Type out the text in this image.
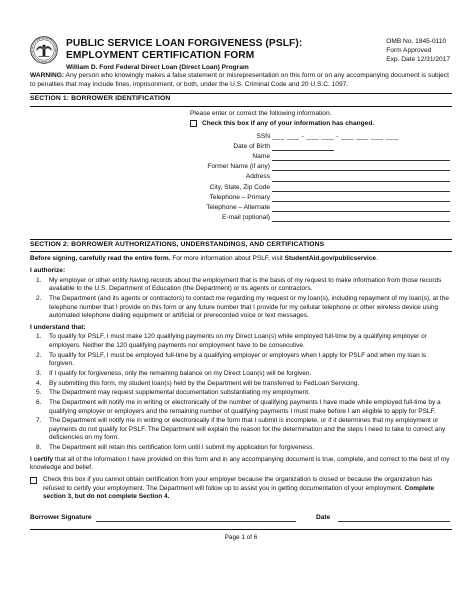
PUBLIC SERVICE LOAN FORGIVENESS (PSLF):
EMPLOYMENT CERTIFICATION FORM
William D. Ford Federal Direct Loan (Direct Loan) Program
OMB No. 1845-0110
Form Approved
Exp. Date 12/31/2017
WARNING: Any person who knowingly makes a false statement or misrepresentation on this form or on any accompanying document is subject to penalties that may include fines, imprisonment, or both, under the U.S. Criminal Code and 20 U.S.C. 1097.
SECTION 1: BORROWER IDENTIFICATION
Please enter or correct the following information.
Check this box if any of your information has changed.
SSN ___ ___ - ___ ___ - ___ ___ ___ ___
Date of Birth
Name
Former Name (if any)
Address
City, State, Zip Code
Telephone – Primary
Telephone – Alternate
E-mail (optional)
SECTION 2: BORROWER AUTHORIZATIONS, UNDERSTANDINGS, AND CERTIFICATIONS
Before signing, carefully read the entire form. For more information about PSLF, visit StudentAid.gov/publicservice.
I authorize:
1. My employer or other entity having records about the employment that is the basis of my request to make information from those records available to the U.S. Department of Education (the Department) or its agents or contractors.
2. The Department (and its agents or contractors) to contact me regarding my request or my loan(s), including repayment of my loan(s), at the telephone number that I provide on this form or any future number that I provide for my cellular telephone or other wireless device using automated telephone dialing equipment or artificial or prerecorded voice or text messages.
I understand that:
1. To qualify for PSLF, I must make 120 qualifying payments on my Direct Loan(s) while employed full-time by a qualifying employer or employers. Neither the 120 qualifying payments nor employment have to be consecutive.
2. To qualify for PSLF, I must be employed full-time by a qualifying employer or employers when I apply for PSLF and when my loan is forgiven.
3. If I qualify for forgiveness, only the remaining balance on my Direct Loan(s) will be forgiven.
4. By submitting this form, my student loan(s) held by the Department will be transferred to FedLoan Servicing.
5. The Department may request supplemental documentation substantiating my employment.
6. The Department will notify me in writing or electronically of the number of qualifying payments I have made while employed full-time by a qualifying employer or employers and the remaining number of qualifying payments I must make before I am eligible to apply for PSLF.
7. The Department will notify me in writing or electronically if the form that I submit is incomplete, or if it determines that my employment or payments do not qualify for PSLF. The Department will explain the reason for the determination and the steps I need to take to correct any deficiencies on my form.
8. The Department will retain this certification form until I submit my application for forgiveness.
I certify that all of the information I have provided on this form and in any accompanying document is true, complete, and correct to the best of my knowledge and belief.
Check this box if you cannot obtain certification from your employer because the organization is closed or because the organization has refused to certify your employment. The Department will follow up to assist you in getting documentation of your employment. Complete section 3, but do not complete Section 4.
Borrower Signature	Date
Page 1 of 6
